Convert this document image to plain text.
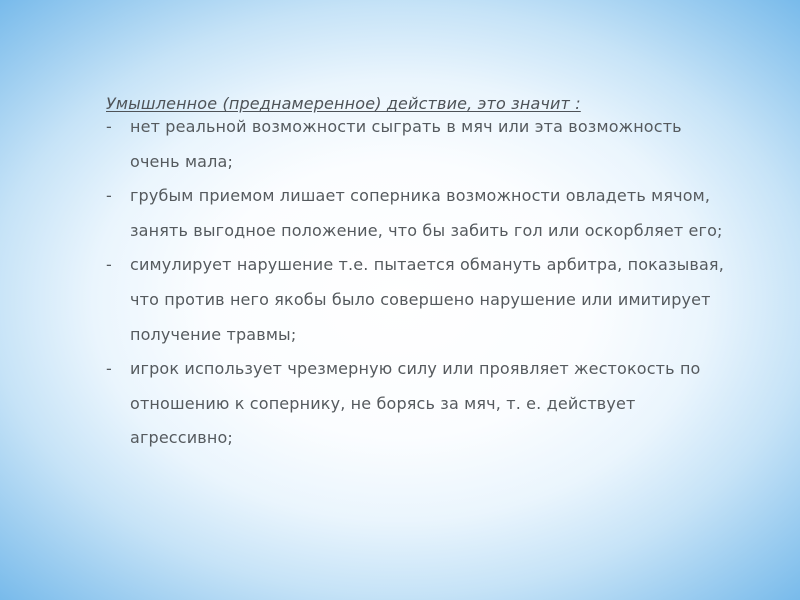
Умышленное (преднамеренное) действие, это значит :

- нет реальной возможности сыграть в мяч или эта возможность очень мала;
- грубым приемом лишает соперника возможности овладеть мячом, занять выгодное положение, что бы забить гол или оскорбляет его;
- симулирует нарушение т.е. пытается обмануть арбитра, показывая, что против него якобы было совершено нарушение или имитирует получение травмы;
- игрок использует чрезмерную силу или проявляет жестокость по отношению к сопернику, не борясь за мяч, т. е. действует агрессивно;
